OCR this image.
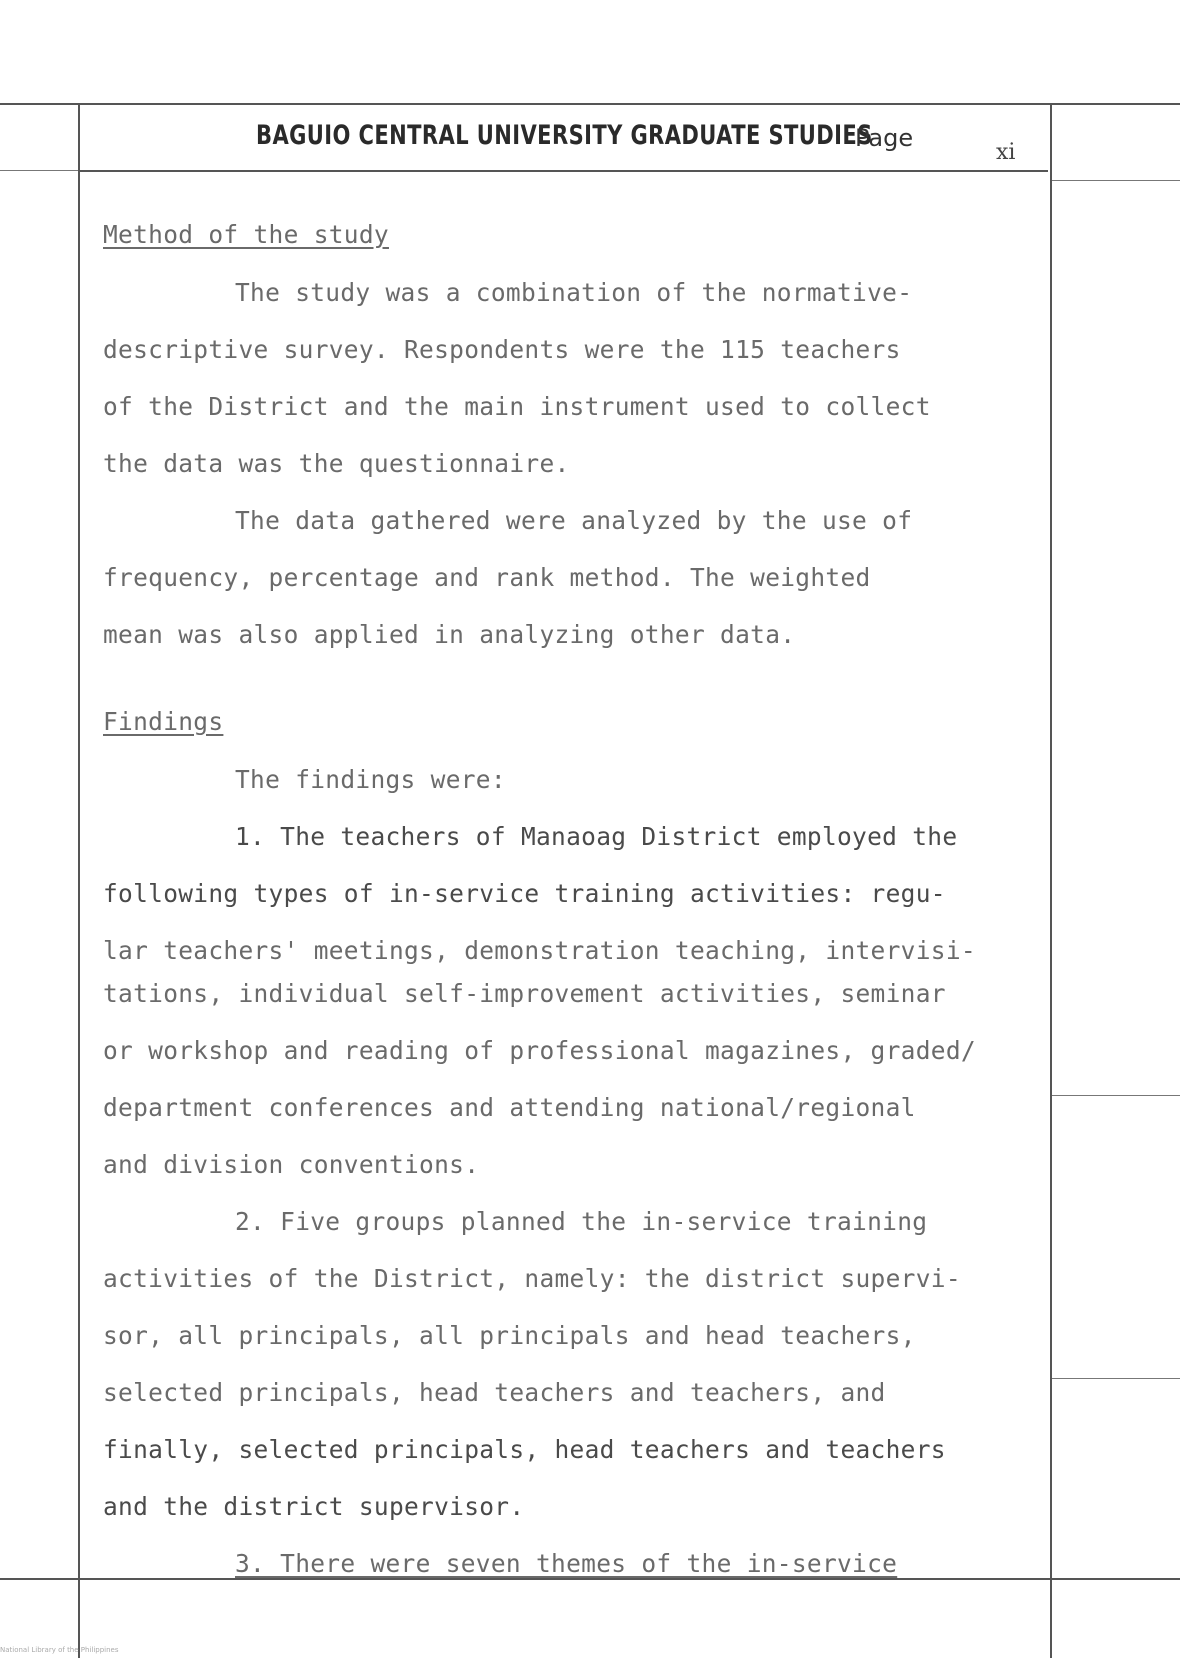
BAGUIO CENTRAL UNIVERSITY GRADUATE STUDIES
Page
xi
Method of the study
The study was a combination of the normative-
descriptive survey. Respondents were the 115 teachers
of the District and the main instrument used to collect
the data was the questionnaire.
The data gathered were analyzed by the use of
frequency, percentage and rank method. The weighted
mean was also applied in analyzing other data.
Findings
The findings were:
1. The teachers of Manaoag District employed the
following types of in-service training activities: regu-
lar teachers' meetings, demonstration teaching, intervisi-
tations, individual self-improvement activities, seminar
or workshop and reading of professional magazines, graded/
department conferences and attending national/regional
and division conventions.
2. Five groups planned the in-service training
activities of the District, namely: the district supervi-
sor, all principals, all principals and head teachers,
selected principals, head teachers and teachers, and
finally, selected principals, head teachers and teachers
and the district supervisor.
3. There were seven themes of the in-service
National Library of the Philippines
